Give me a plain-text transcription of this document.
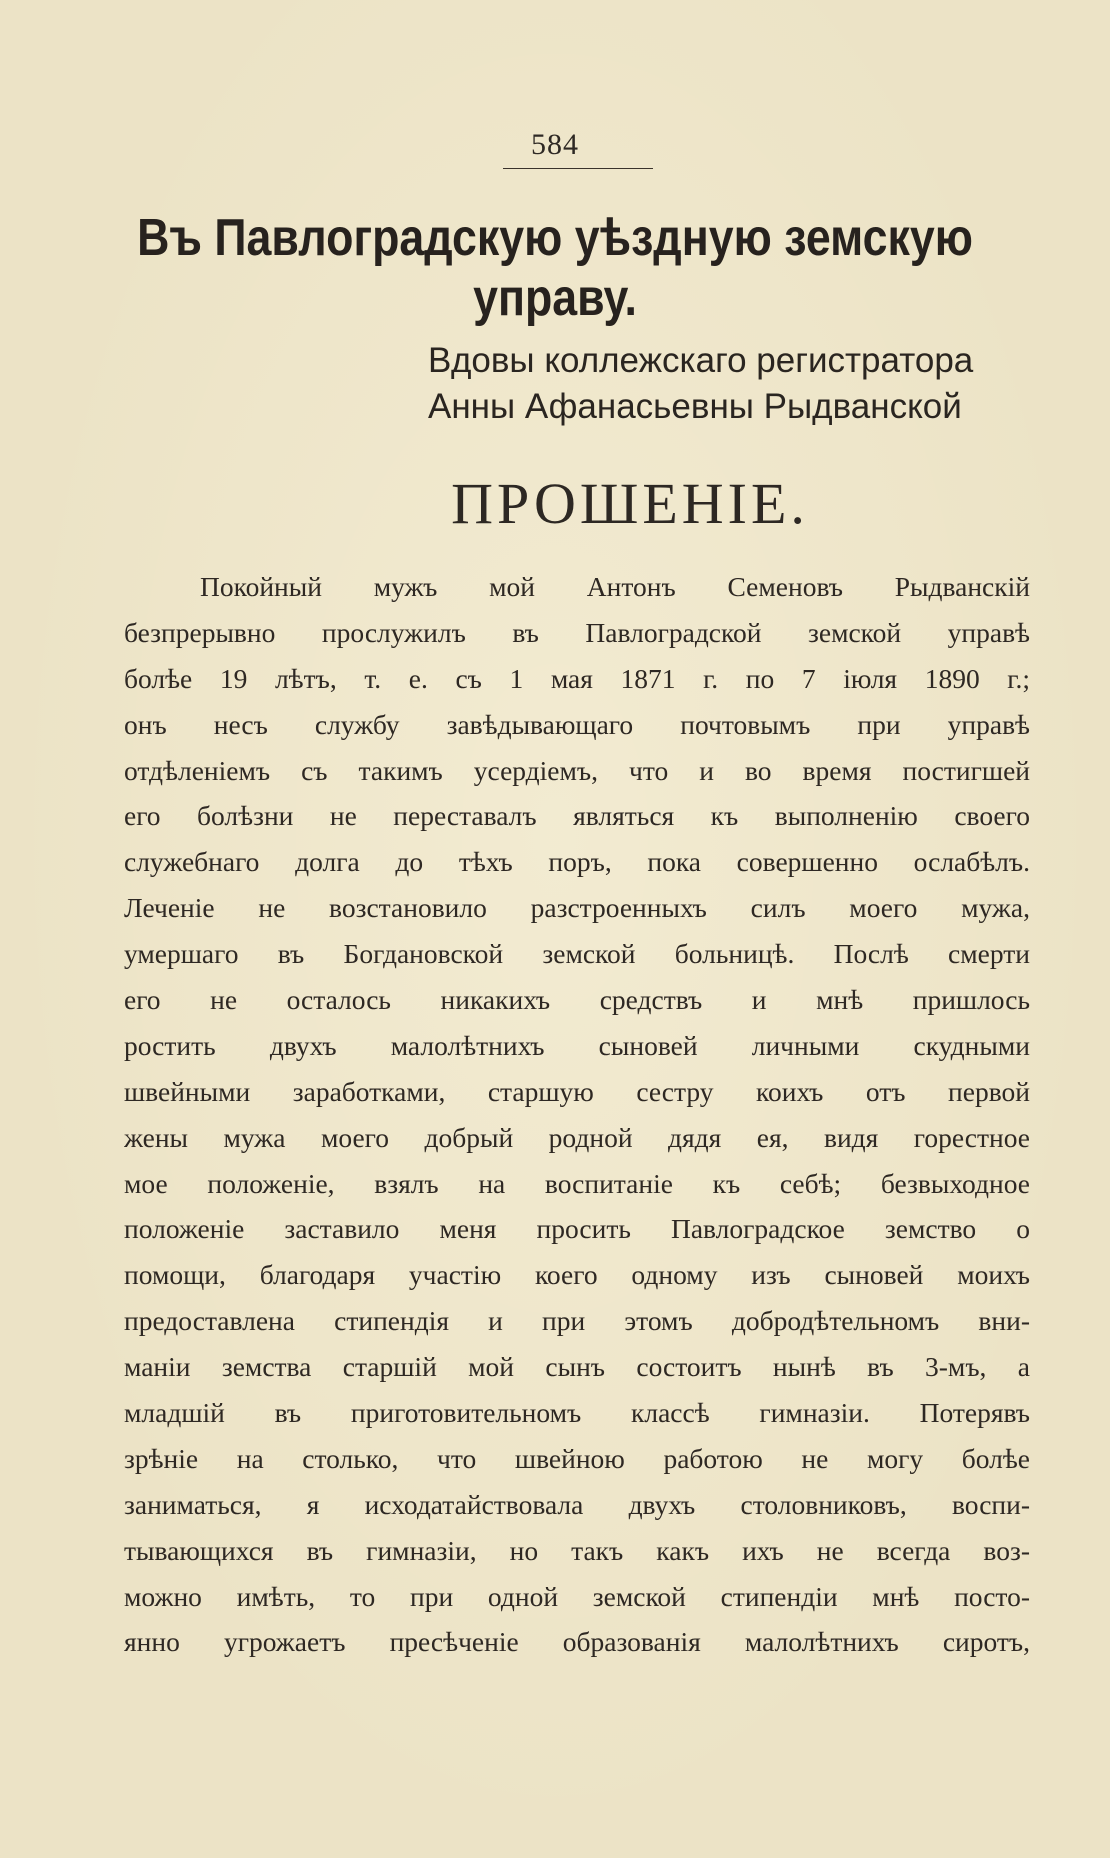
584
Въ Павлоградскую уѣздную земскую управу.
Вдовы коллежскаго регистратора
Анны Афанасьевны Рыдванской
ПРОШЕНІЕ.
Покойный мужъ мой Антонъ Семеновъ Рыдванскій
безпрерывно прослужилъ въ Павлоградской земской управѣ
болѣе 19 лѣтъ, т. е. съ 1 мая 1871 г. по 7 іюля 1890 г.;
онъ несъ службу завѣдывающаго почтовымъ при управѣ
отдѣленіемъ съ такимъ усердіемъ, что и во время постигшей
его болѣзни не переставалъ являться къ выполненію своего
служебнаго долга до тѣхъ поръ, пока совершенно ослабѣлъ.
Леченіе не возстановило разстроенныхъ силъ моего мужа,
умершаго въ Богдановской земской больницѣ. Послѣ смерти
его не осталось никакихъ средствъ и мнѣ пришлось
ростить двухъ малолѣтнихъ сыновей личными скудными
швейными заработками, старшую сестру коихъ отъ первой
жены мужа моего добрый родной дядя ея, видя горестное
мое положеніе, взялъ на воспитаніе къ себѣ; безвыходное
положеніе заставило меня просить Павлоградское земство о
помощи, благодаря участію коего одному изъ сыновей моихъ
предоставлена стипендія и при этомъ добродѣтельномъ вни-
маніи земства старшій мой сынъ состоитъ нынѣ въ 3-мъ, а
младшій въ приготовительномъ классѣ гимназіи. Потерявъ
зрѣніе на столько, что швейною работою не могу болѣе
заниматься, я исходатайствовала двухъ столовниковъ, воспи-
тывающихся въ гимназіи, но такъ какъ ихъ не всегда воз-
можно имѣть, то при одной земской стипендіи мнѣ посто-
янно угрожаетъ пресѣченіе образованія малолѣтнихъ сиротъ,
